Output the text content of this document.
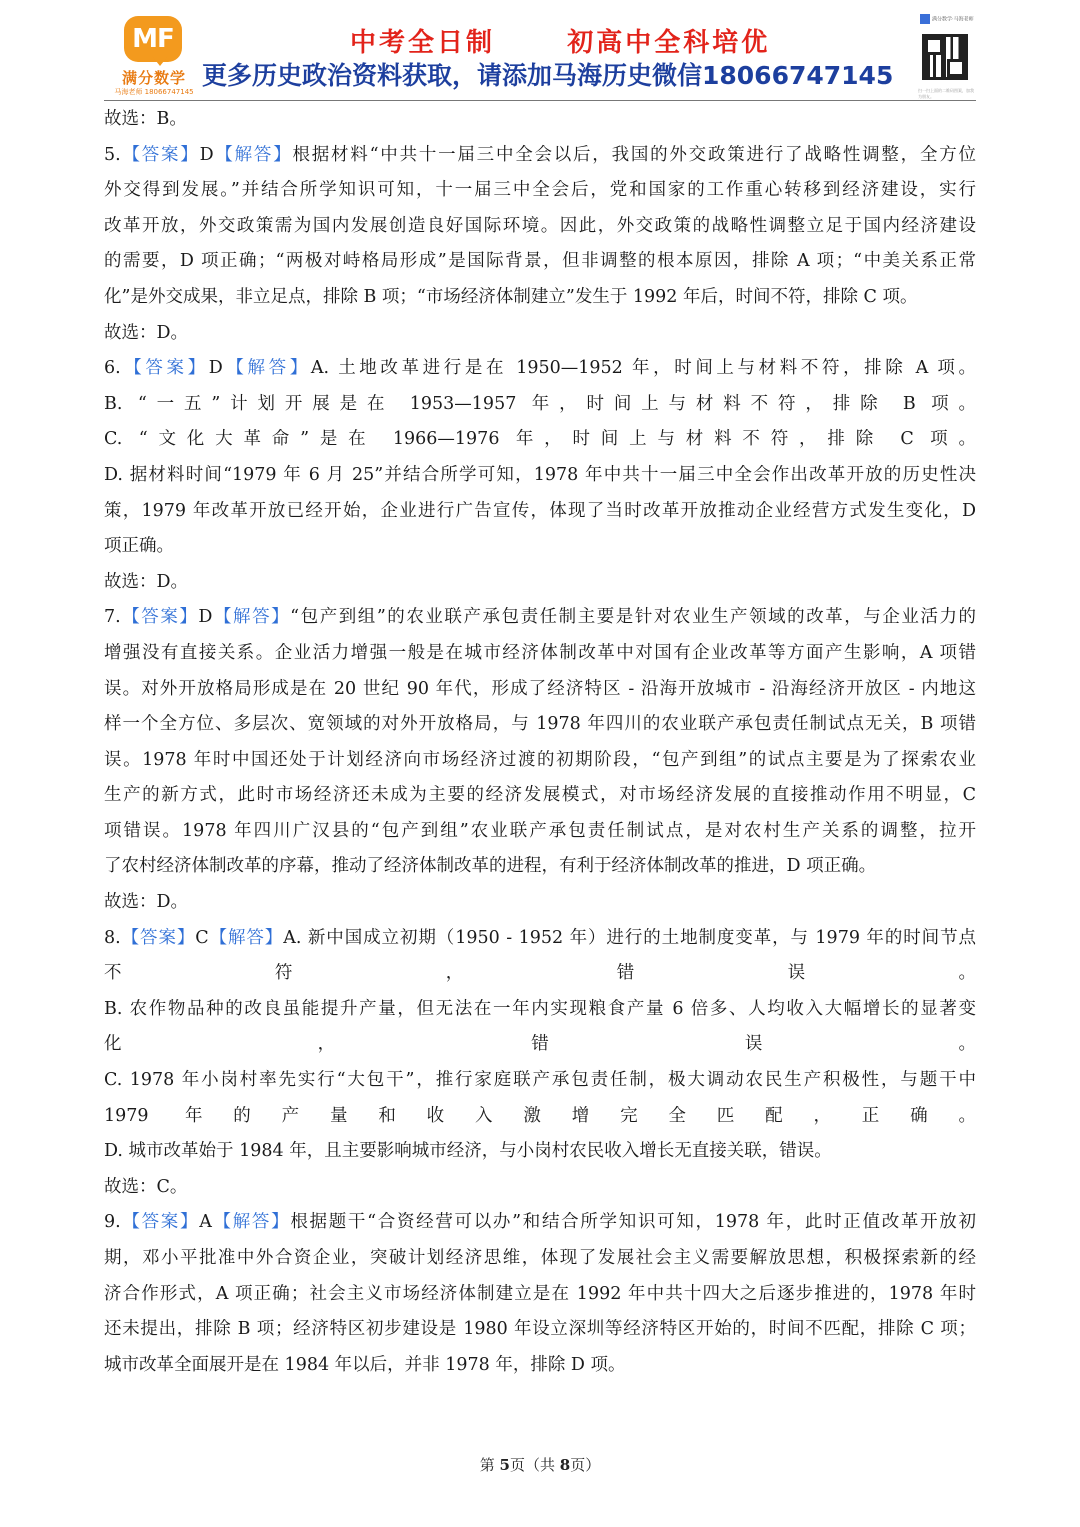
MF
满分数学
马海老师 18066747145
中考全日制      初高中全科培优
更多历史政治资料获取，请添加马海历史微信18066747145
满分数学·马海老师
扫一扫上面的二维码图案，加我为朋友。
故选：B。
5.【答案】D【解答】根据材料“中共十一届三中全会以后，我国的外交政策进行了战略性调整，全方位
外交得到发展。”并结合所学知识可知，十一届三中全会后，党和国家的工作重心转移到经济建设，实行
改革开放，外交政策需为国内发展创造良好国际环境。因此，外交政策的战略性调整立足于国内经济建设
的需要，D 项正确；“两极对峙格局形成”是国际背景，但非调整的根本原因，排除 A 项；“中美关系正常
化”是外交成果，非立足点，排除 B 项；“市场经济体制建立”发生于 1992 年后，时间不符，排除 C 项。
故选：D。
6.【答案】D【解答】A. 土地改革进行是在 1950—1952 年，时间上与材料不符，排除 A 项。
B. “一五”计划开展是在 1953—1957 年，时间上与材料不符，排除 B 项。
C. “文化大革命”是在 1966—1976 年，时间上与材料不符，排除 C 项。
D. 据材料时间“1979 年 6 月 25”并结合所学可知，1978 年中共十一届三中全会作出改革开放的历史性决
策，1979 年改革开放已经开始，企业进行广告宣传，体现了当时改革开放推动企业经营方式发生变化，D
项正确。
故选：D。
7.【答案】D【解答】“包产到组”的农业联产承包责任制主要是针对农业生产领域的改革，与企业活力的
增强没有直接关系。企业活力增强一般是在城市经济体制改革中对国有企业改革等方面产生影响，A 项错
误。对外开放格局形成是在 20 世纪 90 年代，形成了经济特区 - 沿海开放城市 - 沿海经济开放区 - 内地这
样一个全方位、多层次、宽领域的对外开放格局，与 1978 年四川的农业联产承包责任制试点无关，B 项错
误。1978 年时中国还处于计划经济向市场经济过渡的初期阶段，“包产到组”的试点主要是为了探索农业
生产的新方式，此时市场经济还未成为主要的经济发展模式，对市场经济发展的直接推动作用不明显，C
项错误。1978 年四川广汉县的“包产到组”农业联产承包责任制试点，是对农村生产关系的调整，拉开
了农村经济体制改革的序幕，推动了经济体制改革的进程，有利于经济体制改革的推进，D 项正确。
故选：D。
8.【答案】C【解答】A. 新中国成立初期（1950 - 1952 年）进行的土地制度变革，与 1979 年的时间节点
不符，错误。
B. 农作物品种的改良虽能提升产量，但无法在一年内实现粮食产量 6 倍多、人均收入大幅增长的显著变
化，错误。
C. 1978 年小岗村率先实行“大包干”，推行家庭联产承包责任制，极大调动农民生产积极性，与题干中
1979 年的产量和收入激增完全匹配，正确。
D. 城市改革始于 1984 年，且主要影响城市经济，与小岗村农民收入增长无直接关联，错误。
故选：C。
9.【答案】A【解答】根据题干“合资经营可以办”和结合所学知识可知，1978 年，此时正值改革开放初
期，邓小平批准中外合资企业，突破计划经济思维，体现了发展社会主义需要解放思想，积极探索新的经
济合作形式，A 项正确；社会主义市场经济体制建立是在 1992 年中共十四大之后逐步推进的，1978 年时
还未提出，排除 B 项；经济特区初步建设是 1980 年设立深圳等经济特区开始的，时间不匹配，排除 C 项；
城市改革全面展开是在 1984 年以后，并非 1978 年，排除 D 项。
第 5页（共 8页）
